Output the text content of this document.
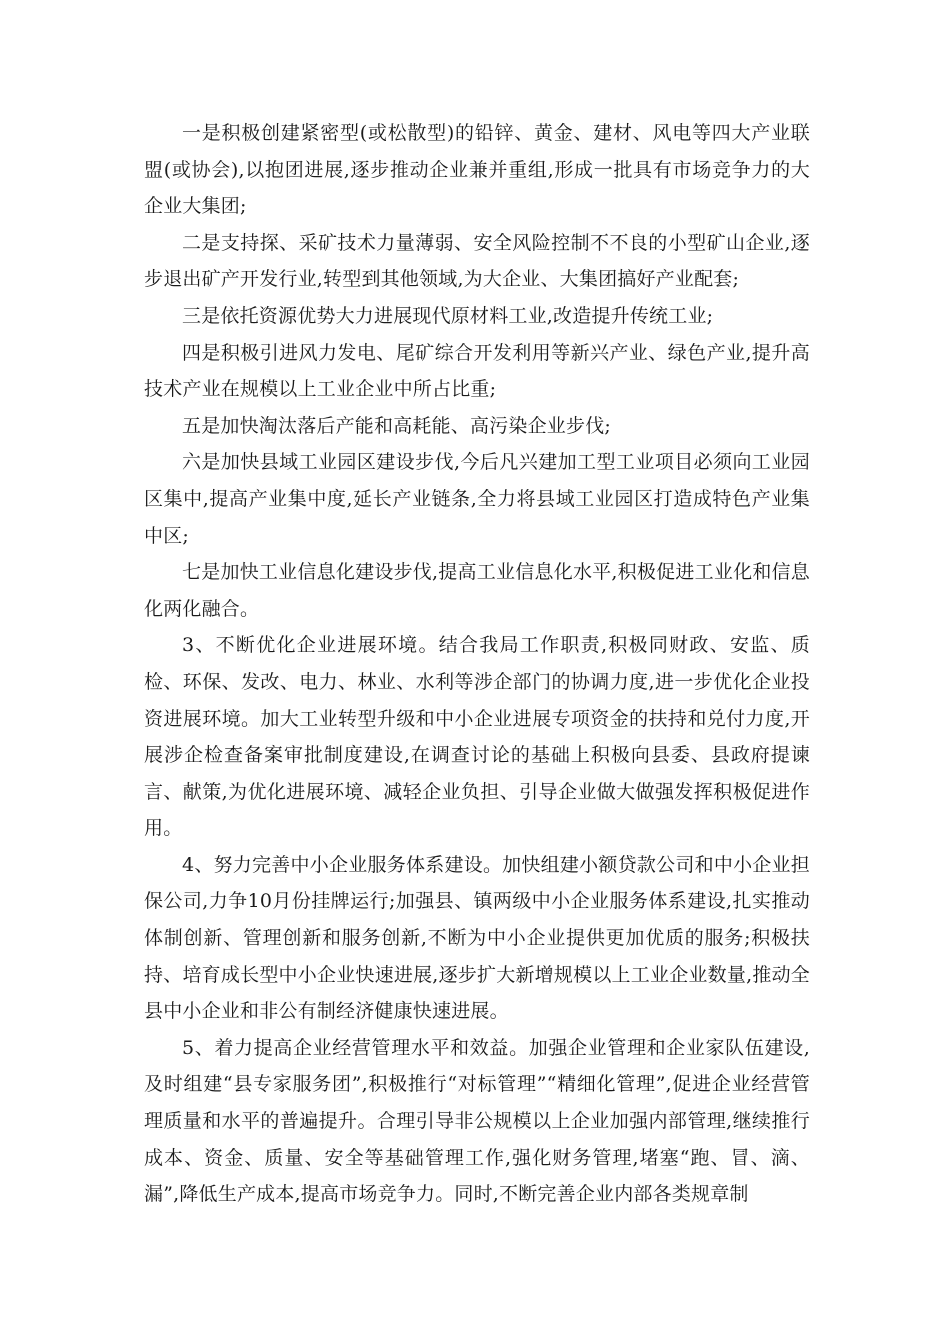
一是积极创建紧密型(或松散型)的铅锌、黄金、建材、风电等四大产业联盟(或协会),以抱团进展,逐步推动企业兼并重组,形成一批具有市场竞争力的大企业大集团;

二是支持探、采矿技术力量薄弱、安全风险控制不不良的小型矿山企业,逐步退出矿产开发行业,转型到其他领域,为大企业、大集团搞好产业配套;

三是依托资源优势大力进展现代原材料工业,改造提升传统工业;

四是积极引进风力发电、尾矿综合开发利用等新兴产业、绿色产业,提升高技术产业在规模以上工业企业中所占比重;

五是加快淘汰落后产能和高耗能、高污染企业步伐;

六是加快县域工业园区建设步伐,今后凡兴建加工型工业项目必须向工业园区集中,提高产业集中度,延长产业链条,全力将县域工业园区打造成特色产业集中区;

七是加快工业信息化建设步伐,提高工业信息化水平,积极促进工业化和信息化两化融合。

3、不断优化企业进展环境。结合我局工作职责,积极同财政、安监、质检、环保、发改、电力、林业、水利等涉企部门的协调力度,进一步优化企业投资进展环境。加大工业转型升级和中小企业进展专项资金的扶持和兑付力度,开展涉企检查备案审批制度建设,在调查讨论的基础上积极向县委、县政府提谏言、献策,为优化进展环境、减轻企业负担、引导企业做大做强发挥积极促进作用。

4、努力完善中小企业服务体系建设。加快组建小额贷款公司和中小企业担保公司,力争10月份挂牌运行;加强县、镇两级中小企业服务体系建设,扎实推动体制创新、管理创新和服务创新,不断为中小企业提供更加优质的服务;积极扶持、培育成长型中小企业快速进展,逐步扩大新增规模以上工业企业数量,推动全县中小企业和非公有制经济健康快速进展。

5、着力提高企业经营管理水平和效益。加强企业管理和企业家队伍建设,及时组建“县专家服务团”,积极推行“对标管理”“精细化管理”,促进企业经营管理质量和水平的普遍提升。合理引导非公规模以上企业加强内部管理,继续推行成本、资金、质量、安全等基础管理工作,强化财务管理,堵塞“跑、冒、滴、漏”,降低生产成本,提高市场竞争力。同时,不断完善企业内部各类规章制
